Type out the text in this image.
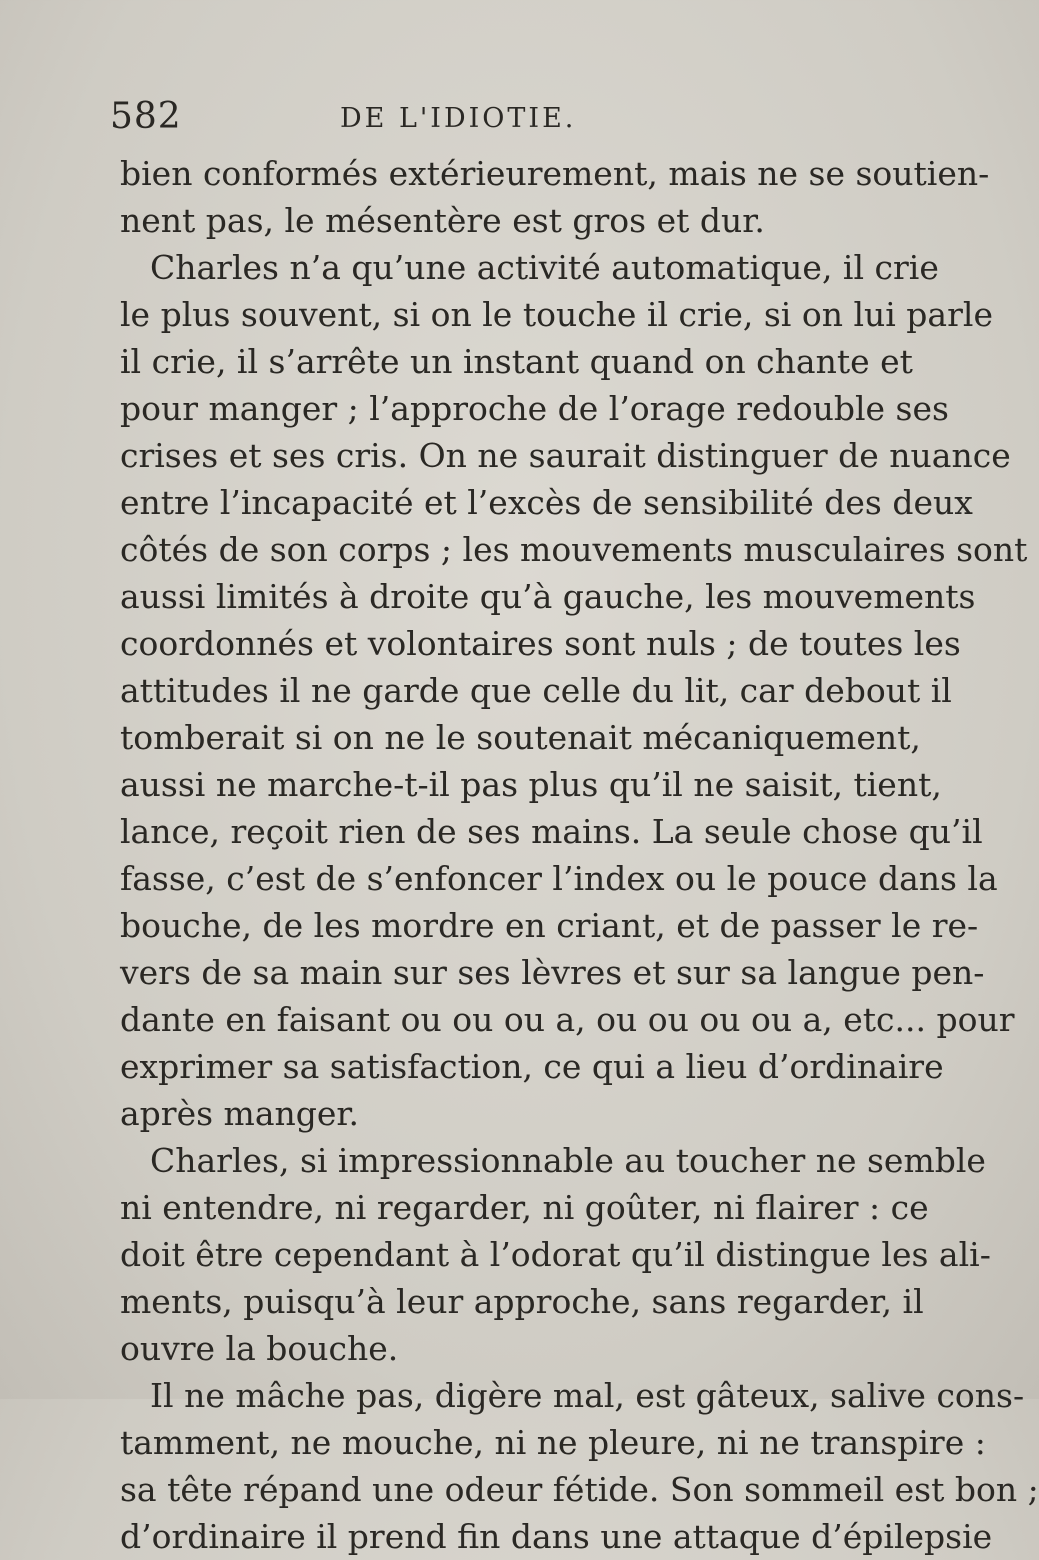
582	DE L'IDIOTIE.
bien conformés extérieurement, mais ne se soutien-
nent pas, le mésentère est gros et dur.
Charles n’a qu’une activité automatique, il crie
le plus souvent, si on le touche il crie, si on lui parle
il crie, il s’arrête un instant quand on chante et
pour manger ; l’approche de l’orage redouble ses
crises et ses cris. On ne saurait distinguer de nuance
entre l’incapacité et l’excès de sensibilité des deux
côtés de son corps ; les mouvements musculaires sont
aussi limités à droite qu’à gauche, les mouvements
coordonnés et volontaires sont nuls ; de toutes les
attitudes il ne garde que celle du lit, car debout il
tomberait si on ne le soutenait mécaniquement,
aussi ne marche-t-il pas plus qu’il ne saisit, tient,
lance, reçoit rien de ses mains. La seule chose qu’il
fasse, c’est de s’enfoncer l’index ou le pouce dans la
bouche, de les mordre en criant, et de passer le re-
vers de sa main sur ses lèvres et sur sa langue pen-
dante en faisant ou ou ou a, ou ou ou ou a, etc... pour
exprimer sa satisfaction, ce qui a lieu d’ordinaire
après manger.
Charles, si impressionnable au toucher ne semble
ni entendre, ni regarder, ni goûter, ni flairer : ce
doit être cependant à l’odorat qu’il distingue les ali-
ments, puisqu’à leur approche, sans regarder, il
ouvre la bouche.
Il ne mâche pas, digère mal, est gâteux, salive cons-
tamment, ne mouche, ni ne pleure, ni ne transpire :
sa tête répand une odeur fétide. Son sommeil est bon ;
d’ordinaire il prend fin dans une attaque d’épilepsie
